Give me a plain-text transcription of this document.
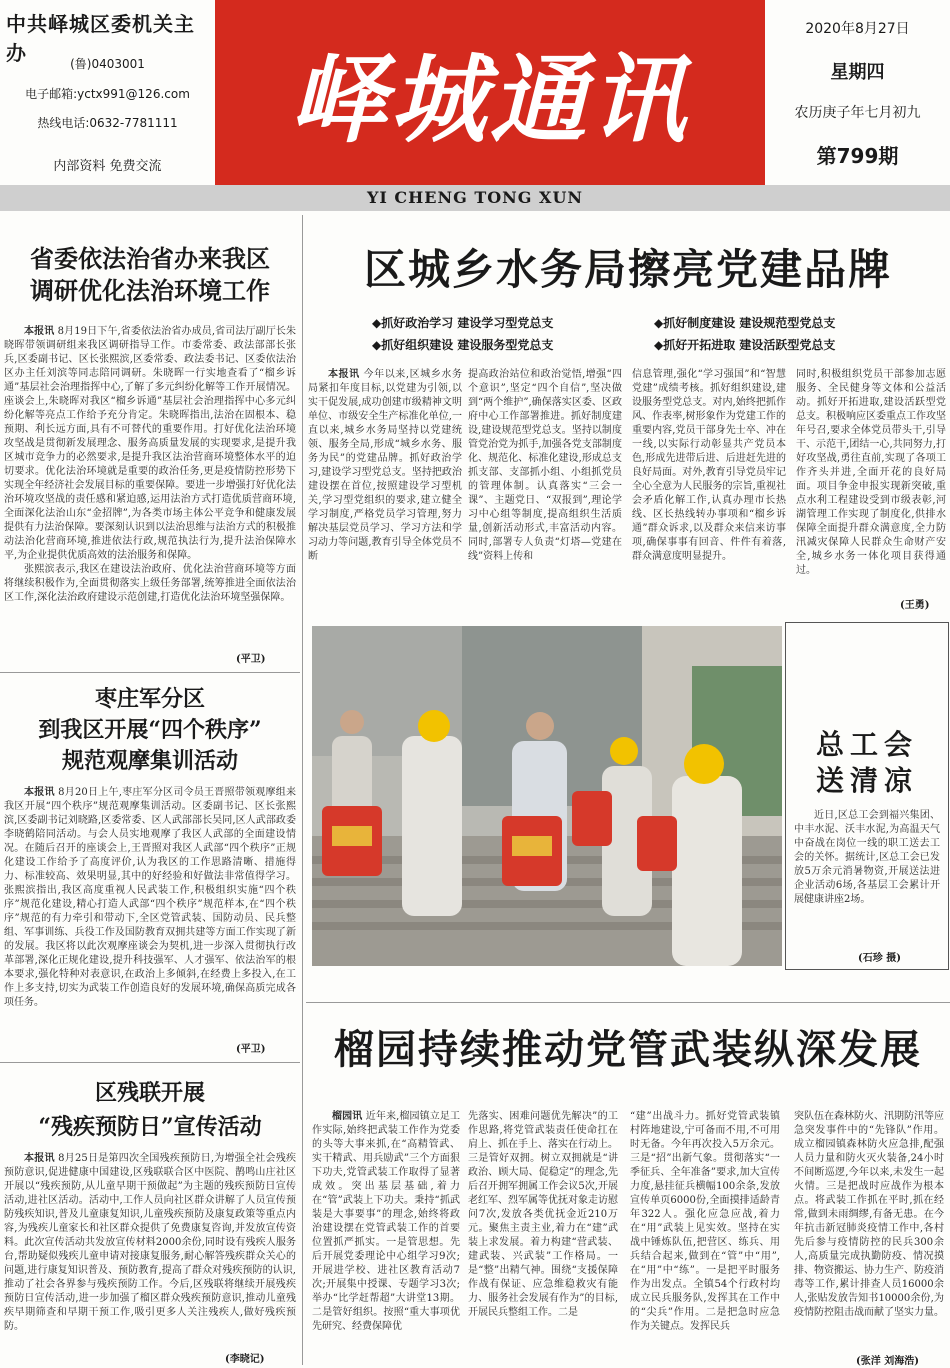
中共峄城区委机关主办	(鲁)0403001
电子邮箱:yctx991@126.com
热线电话:0632-7781111
内部资料 免费交流
峄城通讯
2020年8月27日
星期四
农历庚子年七月初九
第799期
YI CHENG TONG XUN
省委依法治省办来我区
调研优化法治环境工作

本报讯 8月19日下午,省委依法治省办成员,省司法厅副厅长朱晓晖带领调研组来我区调研指导工作。市委常委、政法部部长张兵,区委副书记、区长张熙滨,区委常委、政法委书记、区委依法治区办主任刘滨等同志陪同调研。朱晓晖一行实地查看了“榴乡诉通”基层社会治理指挥中心,了解了多元纠纷化解等工作开展情况。座谈会上,朱晓晖对我区“榴乡诉通”基层社会治理指挥中心多元纠纷化解等亮点工作给予充分肯定。朱晓晖指出,法治在固根本、稳预期、利长远方面,具有不可替代的重要作用。打好优化法治环境攻坚战是贯彻新发展理念、服务高质量发展的实现要求,是提升我区城市竞争力的必然要求,是提升我区法治营商环境整体水平的迫切要求。优化法治环境就是重要的政治任务,更是疫情防控形势下实现全年经济社会发展目标的重要保障。要进一步增强打好优化法治环境攻坚战的责任感和紧迫感,运用法治方式打造优质营商环境,全面深化法治山东“金招牌”,为各类市场主体公平竞争和健康发展提供有力法治保障。要深刻认识到以法治思维与法治方式的积极推动法治化营商环境,推进依法行政,规范执法行为,提升法治保障水平,为企业提供优质高效的法治服务和保障。

张熙滨表示,我区在建设法治政府、优化法治营商环境等方面将继续积极作为,全面贯彻落实上级任务部署,统筹推进全面依法治区工作,深化法治政府建设示范创建,打造优化法治环境坚强保障。

(平卫)
枣庄军分区
到我区开展“四个秩序”
规范观摩集训活动

本报讯 8月20日上午,枣庄军分区司令员王晋照带领观摩组来我区开展“四个秩序”规范观摩集训活动。区委副书记、区长张熙滨,区委副书记刘晓路,区委常委、区人武部部长吴同,区人武部政委李晓鹤陪同活动。与会人员实地观摩了我区人武部的全面建设情况。在随后召开的座谈会上,王晋照对我区人武部“四个秩序”正规化建设工作给予了高度评价,认为我区的工作思路清晰、措施得力、标准较高、效果明显,其中的好经验和好做法非常值得学习。张熙滨指出,我区高度重视人民武装工作,积极组织实施“四个秩序”规范化建设,精心打造人武部“四个秩序”规范样本,在“四个秩序”规范的有力牵引和带动下,全区党管武装、国防动员、民兵整组、军事训练、兵役工作及国防教育双拥共建等方面工作实现了新的发展。我区将以此次观摩座谈会为契机,进一步深入贯彻执行改革部署,深化正规化建设,提升科技强军、人才强军、依法治军的根本要求,强化特种对表意识,在政治上多倾斜,在经费上多投入,在工作上多支持,切实为武装工作创造良好的发展环境,确保高质完成各项任务。

(平卫)
区残联开展
“残疾预防日”宣传活动

本报讯 8月25日是第四次全国残疾预防日,为增强全社会残疾预防意识,促进健康中国建设,区残联联合区中医院、鹊鸣山庄社区开展以“残疾预防,从儿童早期干预做起”为主题的残疾预防日宣传活动,进社区活动。活动中,工作人员向社区群众讲解了人员宣传预防残疾知识,普及儿童康复知识,儿童残疾预防及康复政策等重点内容,为残疾儿童家长和社区群众提供了免费康复咨询,并发放宣传资料。此次宣传活动共发放宣传材料2000余份,同时设有残疾人服务台,帮助疑似残疾儿童申请对接康复服务,耐心解答残疾群众关心的问题,进行康复知识普及、预防教育,提高了群众对残疾预防的认识,推动了社会各界参与残疾预防工作。今后,区残联将继续开展残疾预防日宣传活动,进一步加强了榴区群众残疾预防意识,推动儿童残疾早期筛查和早期干预工作,吸引更多人关注残疾人,做好残疾预防。

(李晓记)
区城乡水务局擦亮党建品牌
◆抓好政治学习 建设学习型党总支	◆抓好制度建设 建设规范型党总支
◆抓好组织建设 建设服务型党总支	◆抓好开拓进取 建设活跃型党总支

本报讯 今年以来,区城乡水务局紧扣年度目标,以党建为引领,以实干促发展,成功创建市级精神文明单位、市级安全生产标准化单位,一直以来,城乡水务局坚持以党建统领、服务全局,形成“城乡水务、服务为民”的党建品牌。抓好政治学习,建设学习型党总支。坚持把政治建设摆在首位,按照建设学习型机关,学习型党组织的要求,建立健全学习制度,严格党员学习管理,努力解决基层党员学习、学习方法和学习动力等问题,教育引导全体党员不断

提高政治站位和政治觉悟,增强“四个意识”,坚定“四个自信”,坚决做到“两个维护”,确保落实区委、区政府中心工作部署推进。抓好制度建设,建设规范型党总支。坚持以制度管党治党为抓手,加强各党支部制度化、规范化、标准化建设,形成总支抓支部、支部抓小组、小组抓党员的管理体制。认真落实“三会一课”、主题党日、“双报到”,理论学习中心组等制度,提高组织生活质量,创新活动形式,丰富活动内容。同时,部署专人负责“灯塔—党建在线”资料上传和

信息管理,强化“学习强国”和“智慧党建”成绩考核。抓好组织建设,建设服务型党总支。对内,始终把抓作风、作表率,树形象作为党建工作的重要内容,党员干部身先士卒、冲在一线,以实际行动彰显共产党员本色,形成先进带后进、后进赶先进的良好局面。对外,教育引导党员牢记全心全意为人民服务的宗旨,重视社会矛盾化解工作,认真办理市长热线、区长热线转办事项和“榴乡诉通”群众诉求,以及群众来信来访事项,确保事事有回音、件件有着落,群众满意度明显提升。

同时,积极组织党员干部参加志愿服务、全民健身等文体和公益活动。抓好开拓进取,建设活跃型党总支。积极响应区委重点工作攻坚年号召,要求全体党员带头干,引导干、示范干,团结一心,共同努力,打好攻坚战,勇往直前,实现了各项工作齐头并进,全面开花的良好局面。项目争金申报实现新突破,重点水利工程建设受到市级表彰,河湖管理工作实现了制度化,供排水保障全面提升群众满意度,全力防汛减灾保障人民群众生命财产安全,城乡水务一体化项目获得通过。

(王勇)
总工会
送清凉

近日,区总工会到福兴集团、中丰水泥、沃丰水泥,为高温天气中奋战在岗位一线的职工送去工会的关怀。据统计,区总工会已发放5万余元消暑物资,开展送法进企业活动6场,各基层工会累计开展健康讲座2场。

(石珍 摄)
榴园持续推动党管武装纵深发展

榴园讯 近年来,榴园镇立足工作实际,始终把武装工作作为党委的头等大事来抓,在“高精管武、实干精武、用兵励武”三个方面狠下功夫,党管武装工作取得了显著成效。突出基层基础,着力在“管”武装上下功夫。秉持“抓武装是大事要事”的理念,始终将政治建设摆在党管武装工作的首要位置抓严抓实。一是管思想。先后开展党委理论中心组学习9次;开展进学校、进社区教育活动7次;开展集中授课、专题学习3次;举办“比学赶帮超”大讲堂13期。二是管好组织。按照“重大事项优先研究、经费保障优

先落实、困难问题优先解决”的工作思路,将党管武装责任使命扛在肩上、抓在手上、落实在行动上。三是管好双拥。树立双拥就是“讲政治、顾大局、促稳定”的理念,先后召开拥军拥属工作会议5次,开展老红军、烈军属等优抚对象走访慰问7次,发放各类优抚金近210万元。聚焦主责主业,着力在“建”武装上求发展。着力构建“营武装、建武装、兴武装”工作格局。一是“整”出精气神。围绕“支援保障作战有保证、应急维稳救灾有能力、服务社会发展有作为”的目标,开展民兵整组工作。二是

“建”出战斗力。抓好党管武装镇村阵地建设,宁可备而不用,不可用时无备。今年再次投入5万余元。三是“招”出新气象。贯彻落实“一季征兵、全年准备”要求,加大宣传力度,悬挂征兵横幅100余条,发放宣传单页6000份,全面摸排适龄青年322人。强化应急应战,着力在“用”武装上见实效。坚持在实战中锤炼队伍,把营区、练兵、用兵结合起来,做到在“管”中“用”,在“用”中“练”。一是把平时服务作为出发点。全镇54个行政村均成立民兵服务队,发挥其在工作中的“尖兵”作用。二是把急时应急作为关键点。发挥民兵

突队伍在森林防火、汛期防汛等应急突发事件中的“先锋队”作用。成立榴园镇森林防火应急排,配强人员力量和防火灭火装备,24小时不间断巡逻,今年以来,未发生一起火情。三是把战时应战作为根本点。将武装工作抓在平时,抓在经常,做到未雨绸缪,有备无患。在今年抗击新冠肺炎疫情工作中,各村先后参与疫情防控的民兵300余人,高质量完成执勤防疫、情况摸排、物资搬运、协力生产、防疫消毒等工作,累计排查人员16000余人,张贴发放告知书10000余份,为疫情防控阻击战而献了坚实力量。

(张洋 刘海浩)
